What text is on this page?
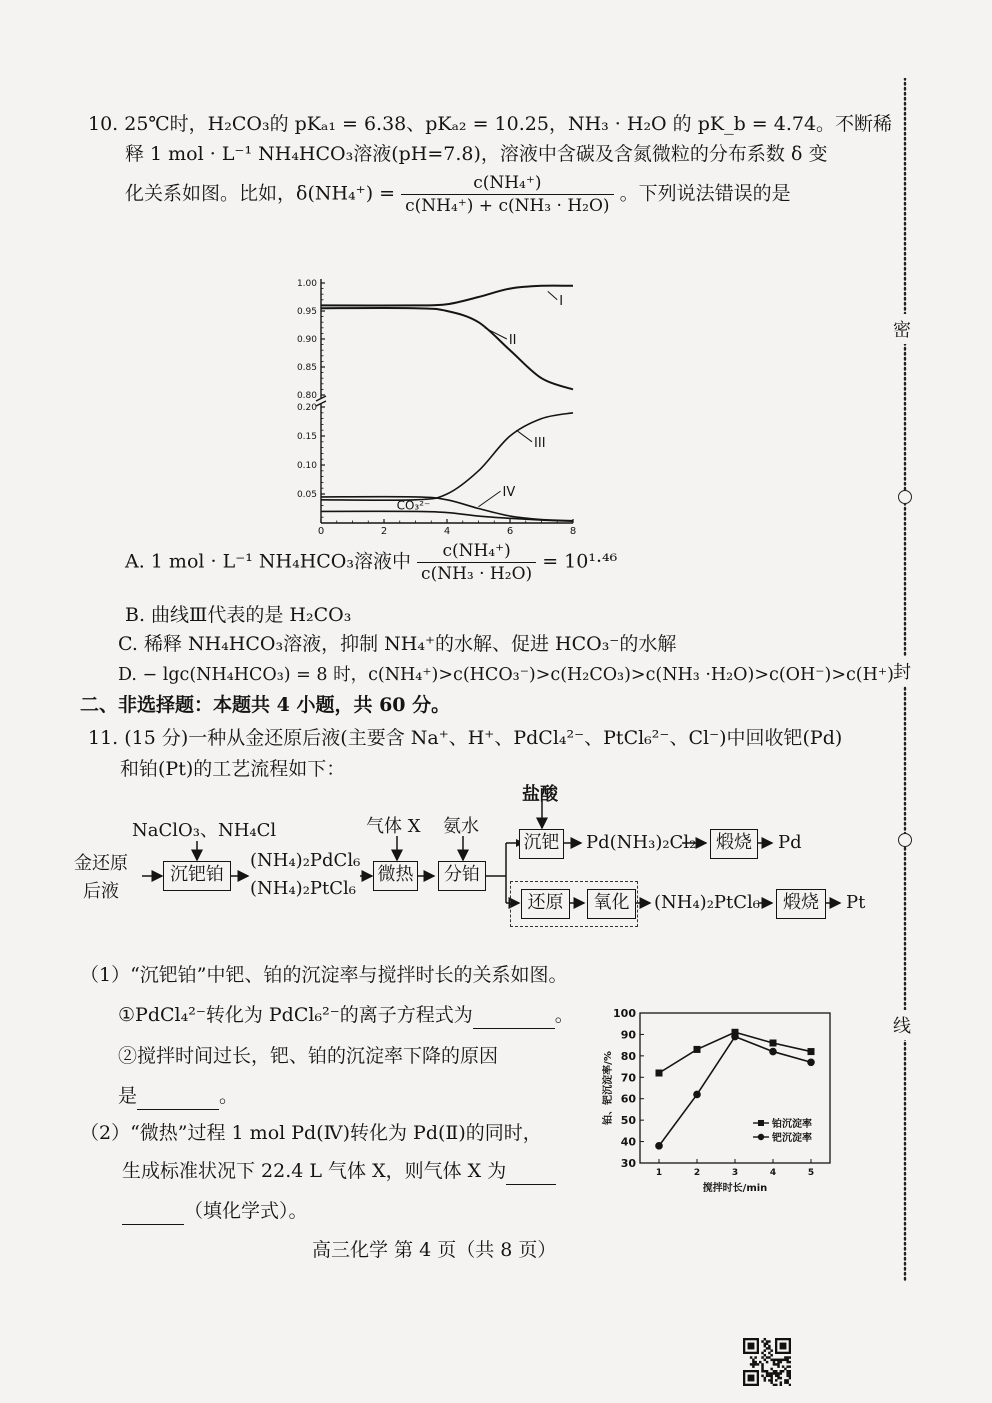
密
封
线
10. 25℃时，H₂CO₃的 pKₐ₁ = 6.38、pKₐ₂ = 10.25，NH₃ · H₂O 的 pK_b = 4.74。不断稀
释 1 mol · L⁻¹ NH₄HCO₃溶液(pH=7.8)，溶液中含碳及含氮微粒的分布系数 δ 变
化关系如图。比如，$\delta(NH_4^+) = \frac{\text{c(NH₄⁺)}}{\text{c(NH₄⁺) + c(NH₃ · H₂O)}}$ 。下列说法错误的是
1.00
0.95
0.90
0.85
0.80
0.20
0.15
0.10
0.05
0	2	4	6	8
I
II
III
IV
CO₃²⁻
A. 1 mol · L⁻¹ NH₄HCO₃溶液中 $\frac{\text{c(NH₄⁺)}}{\text{c(NH₃ · H₂O)}} = 10^1\cdot^{46}$
B. 曲线Ⅲ代表的是 H₂CO₃
C. 稀释 NH₄HCO₃溶液，抑制 NH₄⁺的水解、促进 HCO₃⁻的水解
D. − lgc(NH₄HCO₃) = 8 时，c(NH₄⁺)>c(HCO₃⁻)>c(H₂CO₃)>c(NH₃ ·H₂O)>c(OH⁻)>c(H⁺)
二、非选择题：本题共 4 小题，共 60 分。
11. (15 分)一种从金还原后液(主要含 Na⁺、H⁺、PdCl₄²⁻、PtCl₆²⁻、Cl⁻)中回收钯(Pd)
和铂(Pt)的工艺流程如下：
金还原
后液
NaClO₃、NH₄Cl
沉钯铂
(NH₄)₂PdCl₆
(NH₄)₂PtCl₆
气体 X
微热
氨水
分铂
盐酸
沉钯 Pd(NH₃)₂Cl₂	煅烧	Pd
还原	氧化	(NH₄)₂PtCl₆	煅烧	Pt
（1）“沉钯铂”中钯、铂的沉淀率与搅拌时长的关系如图。
①PdCl₄²⁻转化为 PdCl₆²⁻的离子方程式为	。
②搅拌时间过长，钯、铂的沉淀率下降的原因
是	。
（2）“微热”过程 1 mol Pd(Ⅳ)转化为 Pd(Ⅱ)的同时，
生成标准状况下 22.4 L 气体 X，则气体 X 为
（填化学式）。
30
40
50
60
70
80
90
100
1	2	3	4	5
搅拌时长/min
铂、钯沉淀率/%	铂沉淀率
钯沉淀率
高三化学 第 4 页（共 8 页）
